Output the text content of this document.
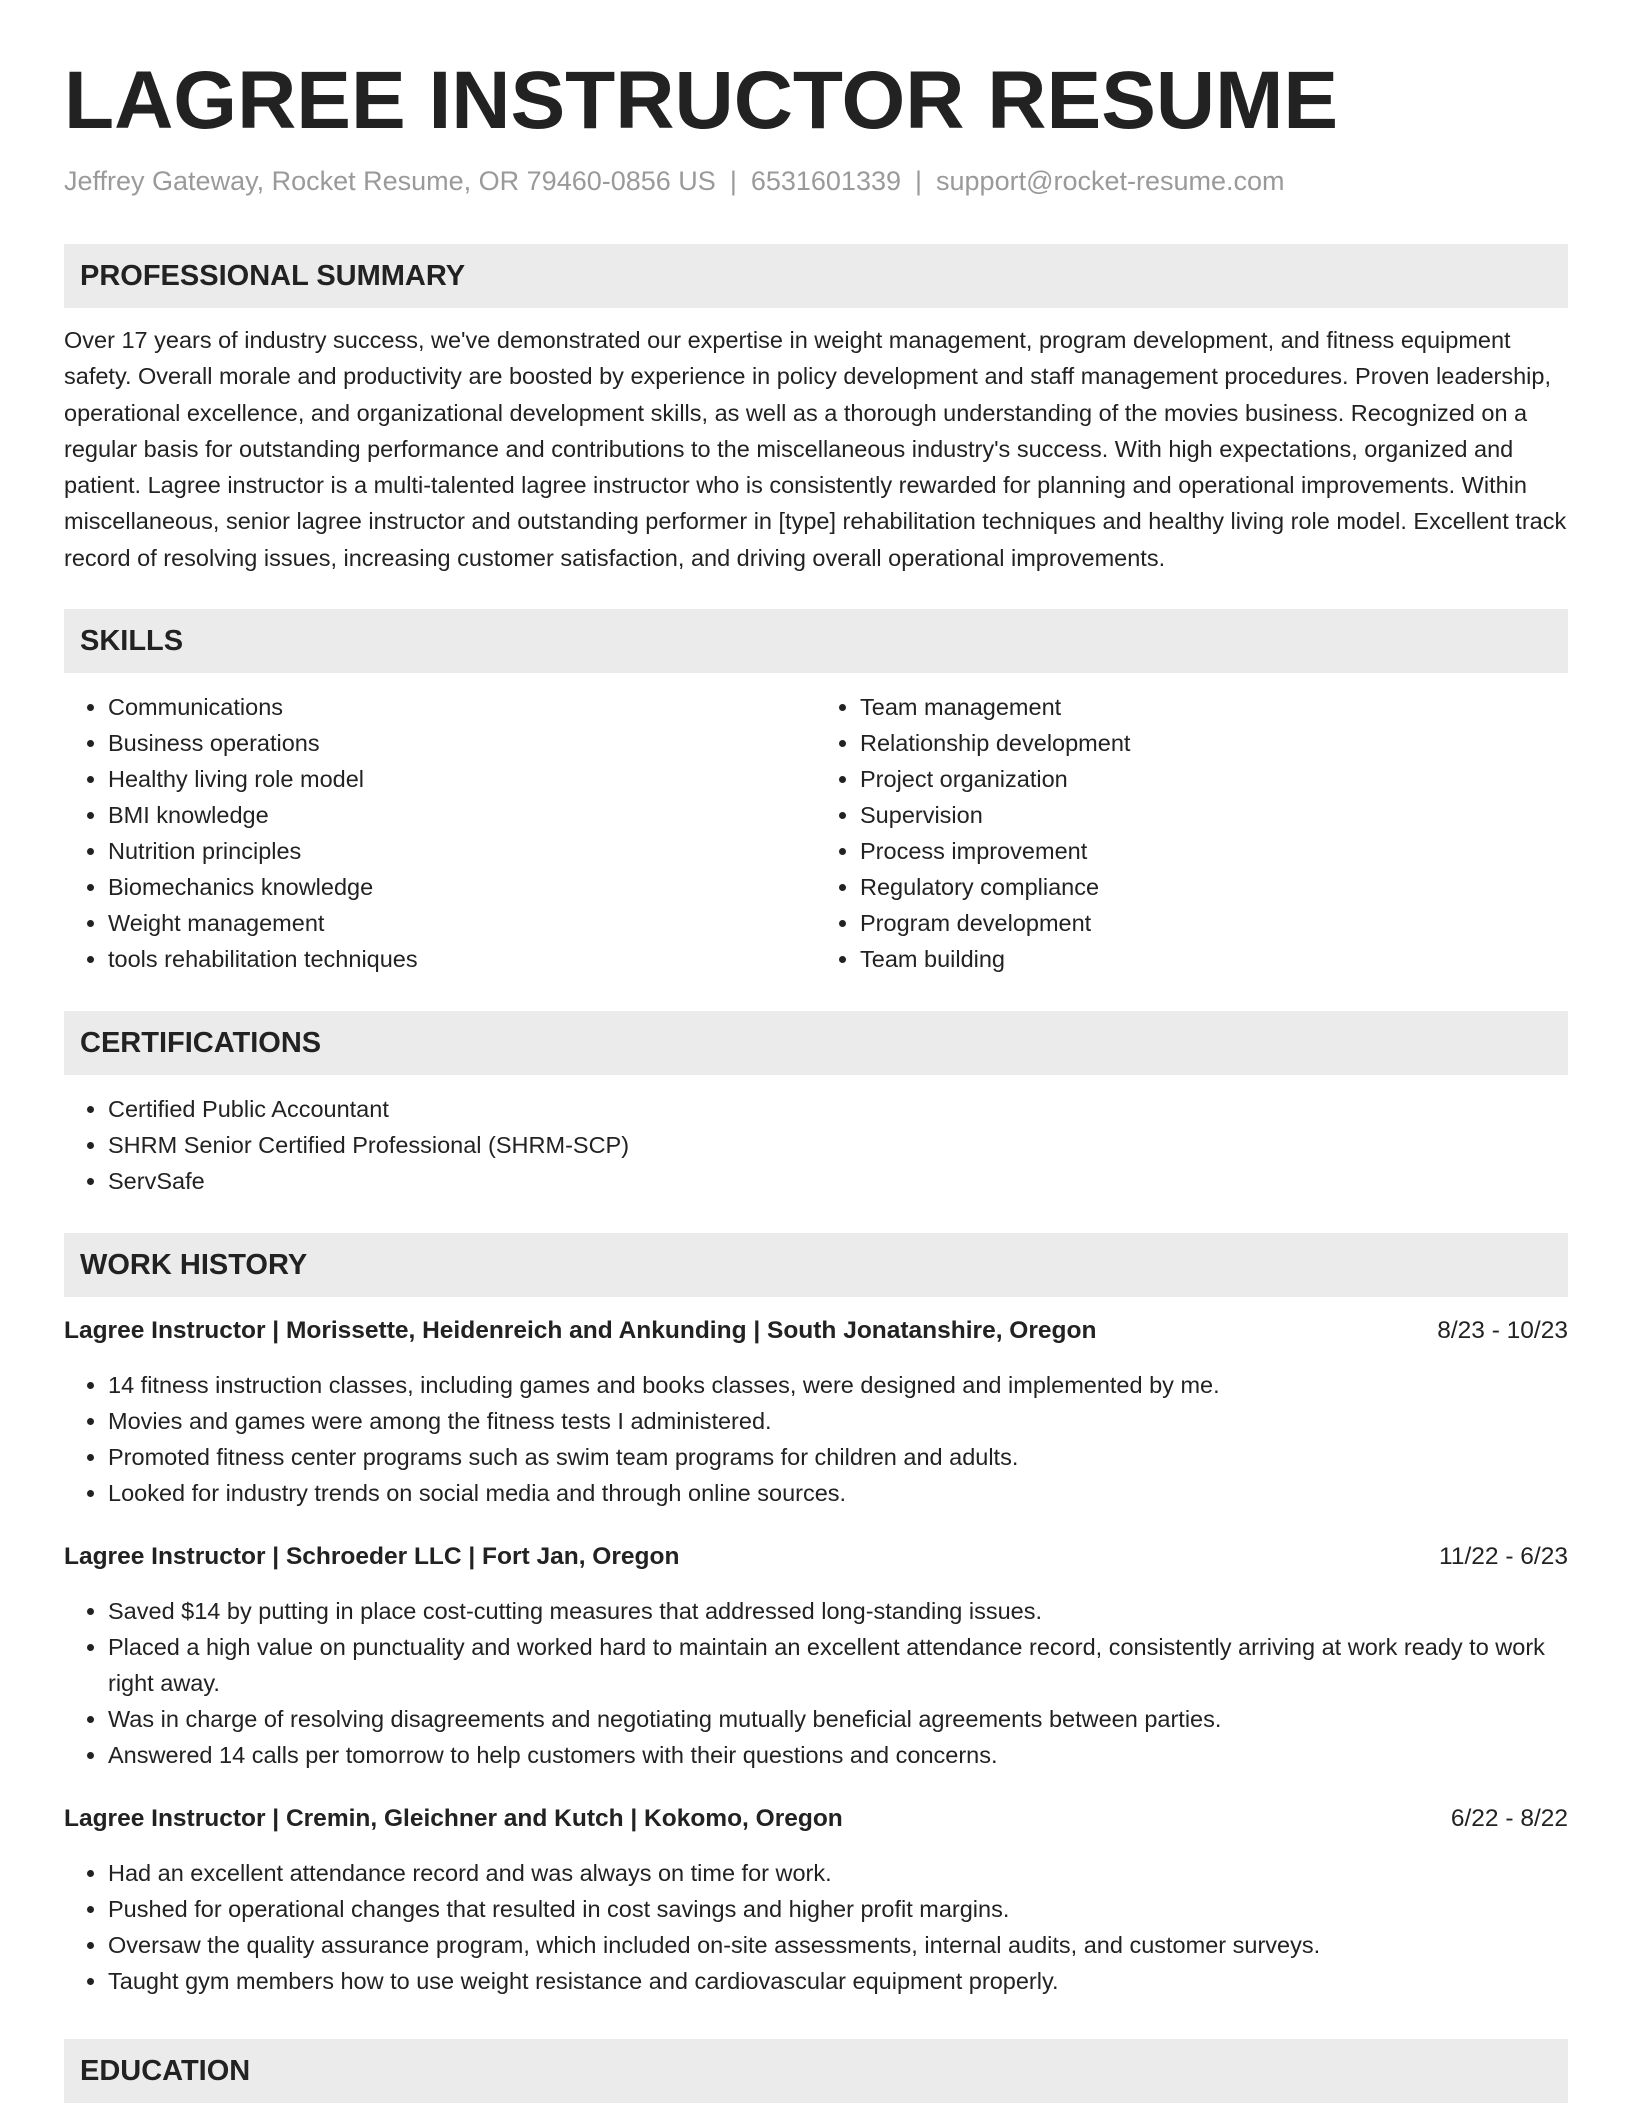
LAGREE INSTRUCTOR RESUME
Jeffrey Gateway, Rocket Resume, OR 79460-0856 US | 6531601339 | support@rocket-resume.com
PROFESSIONAL SUMMARY

Over 17 years of industry success, we've demonstrated our expertise in weight management, program development, and fitness equipment safety. Overall morale and productivity are boosted by experience in policy development and staff management procedures. Proven leadership, operational excellence, and organizational development skills, as well as a thorough understanding of the movies business. Recognized on a regular basis for outstanding performance and contributions to the miscellaneous industry's success. With high expectations, organized and patient. Lagree instructor is a multi-talented lagree instructor who is consistently rewarded for planning and operational improvements. Within miscellaneous, senior lagree instructor and outstanding performer in [type] rehabilitation techniques and healthy living role model. Excellent track record of resolving issues, increasing customer satisfaction, and driving overall operational improvements.

SKILLS
• Communications
• Business operations
• Healthy living role model
• BMI knowledge
• Nutrition principles
• Biomechanics knowledge
• Weight management
• tools rehabilitation techniques
• Team management
• Relationship development
• Project organization
• Supervision
• Process improvement
• Regulatory compliance
• Program development
• Team building
CERTIFICATIONS
• Certified Public Accountant
• SHRM Senior Certified Professional (SHRM-SCP)
• ServSafe
WORK HISTORY
Lagree Instructor | Morissette, Heidenreich and Ankunding | South Jonatanshire, Oregon	8/23 - 10/23
• 14 fitness instruction classes, including games and books classes, were designed and implemented by me.
• Movies and games were among the fitness tests I administered.
• Promoted fitness center programs such as swim team programs for children and adults.
• Looked for industry trends on social media and through online sources.
Lagree Instructor | Schroeder LLC | Fort Jan, Oregon	11/22 - 6/23
• Saved $14 by putting in place cost-cutting measures that addressed long-standing issues.
• Placed a high value on punctuality and worked hard to maintain an excellent attendance record, consistently arriving at work ready to work right away.
• Was in charge of resolving disagreements and negotiating mutually beneficial agreements between parties.
• Answered 14 calls per tomorrow to help customers with their questions and concerns.
Lagree Instructor | Cremin, Gleichner and Kutch | Kokomo, Oregon	6/22 - 8/22
• Had an excellent attendance record and was always on time for work.
• Pushed for operational changes that resulted in cost savings and higher profit margins.
• Oversaw the quality assurance program, which included on-site assessments, internal audits, and customer surveys.
• Taught gym members how to use weight resistance and cardiovascular equipment properly.
EDUCATION
